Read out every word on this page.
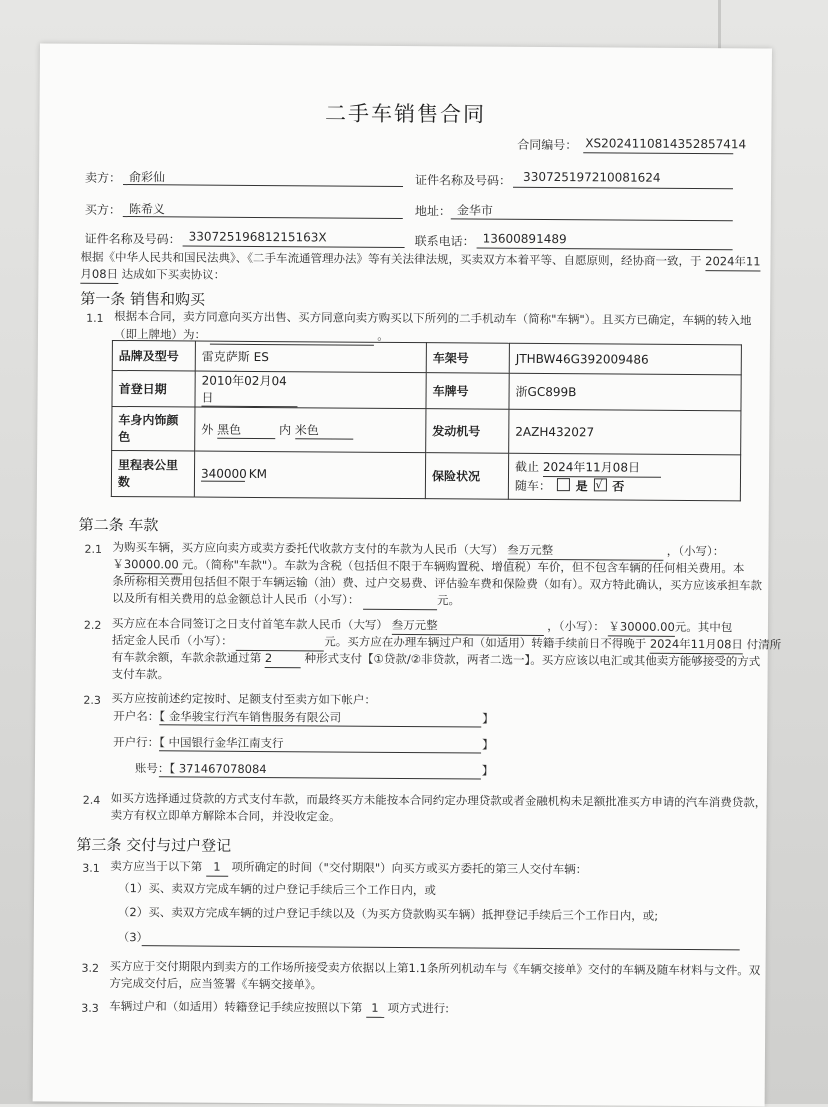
二手车销售合同
合同编号： XS2024110814352857414
卖方： 俞彩仙	证件名称及号码： 330725197210081624
买方： 陈希义	地址： 金华市
证件名称及号码： 33072519681215163X	联系电话： 13600891489
根据《中华人民共和国民法典》、《二手车流通管理办法》等有关法律法规，买卖双方本着平等、自愿原则，经协商一致，于 2024年11
月08日 达成如下买卖协议：
第一条 销售和购买
1.1 根据本合同，卖方同意向买方出售、买方同意向卖方购买以下所列的二手机动车（简称"车辆"）。且买方已确定，车辆的转入地
（即上牌地）为：	。
品牌及型号	雷克萨斯 ES	车架号	JTHBW46G392009486
首登日期	2010年02月04日	车牌号	浙GC899B
车身内饰颜色	外 黑色 内 米色	发动机号	2AZH432027
里程表公里数	340000 KM	保险状况	截止 2024年11月08日
随车： 是 √ 否
第二条 车款
2.1 为购买车辆，买方应向卖方或卖方委托代收款方支付的车款为人民币（大写） 叁万元整	，（小写）：
￥30000.00 元。（简称"车款"）。车款为含税（包括但不限于车辆购置税、增值税）车价，但不包含车辆的任何相关费用。本
条所称相关费用包括但不限于车辆运输（油）费、过户交易费、评估验车费和保险费（如有）。双方特此确认，买方应该承担车款
以及所有相关费用的总金额总计人民币（小写）：	元。
2.2 买方应在本合同签订之日支付首笔车款人民币（大写） 叁万元整	，（小写）： ￥30000.00元。其中包
括定金人民币（小写）：	元。买方应在办理车辆过户和（如适用）转籍手续前日不得晚于 2024年11月08日 付清所
有车款余额，车款余款通过第 2	种形式支付【①贷款/②非贷款，两者二选一】。买方应该以电汇或其他卖方能够接受的方式
支付车款。
2.3 买方应按前述约定按时、足额支付至卖方如下帐户：
开户名：【 金华骏宝行汽车销售服务有限公司	】
开户行：【 中国银行金华江南支行	】
账号：【 371467078084	】
2.4 如买方选择通过贷款的方式支付车款，而最终买方未能按本合同约定办理贷款或者金融机构未足额批准买方申请的汽车消费贷款，
卖方有权立即单方解除本合同，并没收定金。
第三条 交付与过户登记
3.1 卖方应当于以下第 1 项所确定的时间（"交付期限"）向买方或买方委托的第三人交付车辆：
（1）买、卖双方完成车辆的过户登记手续后三个工作日内，或
（2）买、卖双方完成车辆的过户登记手续以及（为买方贷款购买车辆）抵押登记手续后三个工作日内，或;
（3）
3.2 买方应于交付期限内到卖方的工作场所接受卖方依据以上第1.1条所列机动车与《车辆交接单》交付的车辆及随车材料与文件。双
方完成交付后，应当签署《车辆交接单》。
3.3 车辆过户和（如适用）转籍登记手续应按照以下第 1 项方式进行:
